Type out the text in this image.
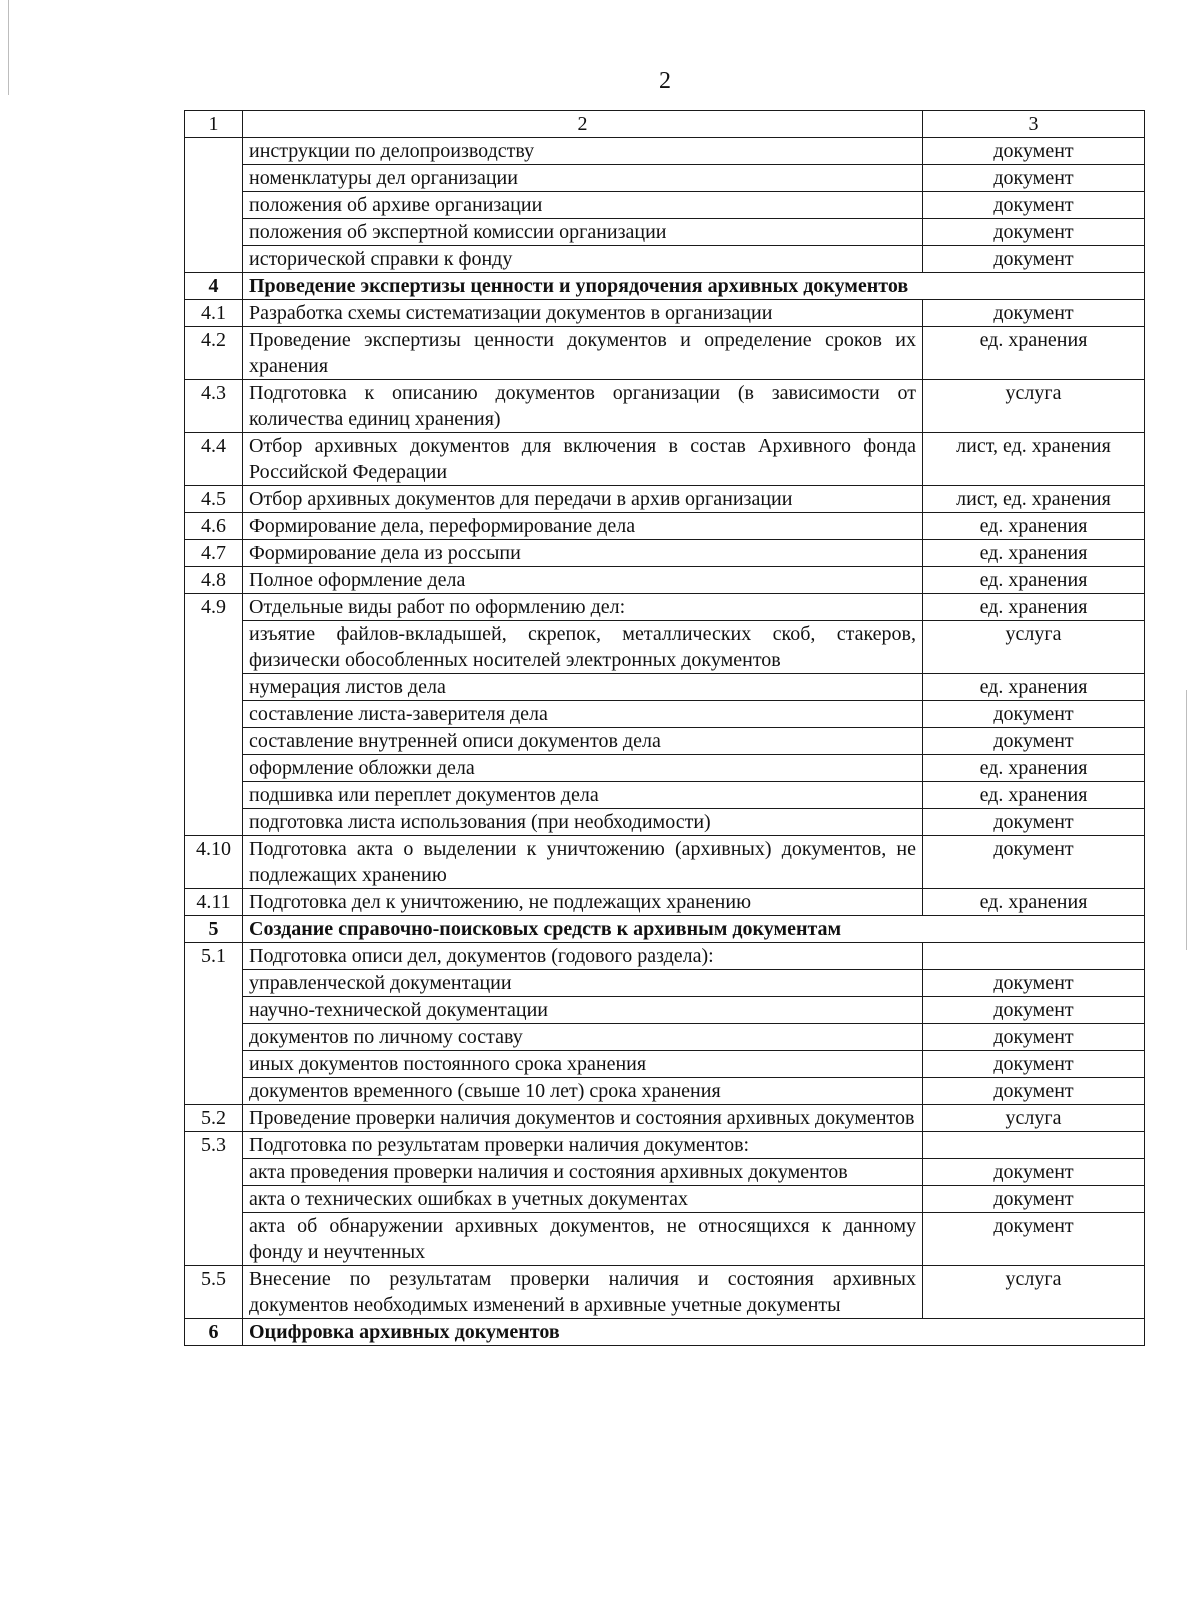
2
1	2	3
	инструкции по делопроизводству	документ
	номенклатуры дел организации	документ
	положения об архиве организации	документ
	положения об экспертной комиссии организации	документ
	исторической справки к фонду	документ
4	Проведение экспертизы ценности и упорядочения архивных документов	
4.1	Разработка схемы систематизации документов в организации	документ
4.2	Проведение экспертизы ценности документов и определение сроков их хранения	ед. хранения
4.3	Подготовка к описанию документов организации (в зависимости от количества единиц хранения)	услуга
4.4	Отбор архивных документов для включения в состав Архивного фонда Российской Федерации	лист, ед. хранения
4.5	Отбор архивных документов для передачи в архив организации	лист, ед. хранения
4.6	Формирование дела, переформирование дела	ед. хранения
4.7	Формирование дела из россыпи	ед. хранения
4.8	Полное оформление дела	ед. хранения
4.9	Отдельные виды работ по оформлению дел:	ед. хранения
	изъятие файлов-вкладышей, скрепок, металлических скоб, стакеров, физически обособленных носителей электронных документов	услуга
	нумерация листов дела	ед. хранения
	составление листа-заверителя дела	документ
	составление внутренней описи документов дела	документ
	оформление обложки дела	ед. хранения
	подшивка или переплет документов дела	ед. хранения
	подготовка листа использования (при необходимости)	документ
4.10	Подготовка акта о выделении к уничтожению (архивных) документов, не подлежащих хранению	документ
4.11	Подготовка дел к уничтожению, не подлежащих хранению	ед. хранения
5	Создание справочно-поисковых средств к архивным документам	
5.1	Подготовка описи дел, документов (годового раздела):	
	управленческой документации	документ
	научно-технической документации	документ
	документов по личному составу	документ
	иных документов постоянного срока хранения	документ
	документов временного (свыше 10 лет) срока хранения	документ
5.2	Проведение проверки наличия документов и состояния архивных документов	услуга
5.3	Подготовка по результатам проверки наличия документов:	
	акта проведения проверки наличия и состояния архивных документов	документ
	акта о технических ошибках в учетных документах	документ
	акта об обнаружении архивных документов, не относящихся к данному фонду и неучтенных	документ
5.5	Внесение по результатам проверки наличия и состояния архивных документов необходимых изменений в архивные учетные документы	услуга
6	Оцифровка архивных документов	
